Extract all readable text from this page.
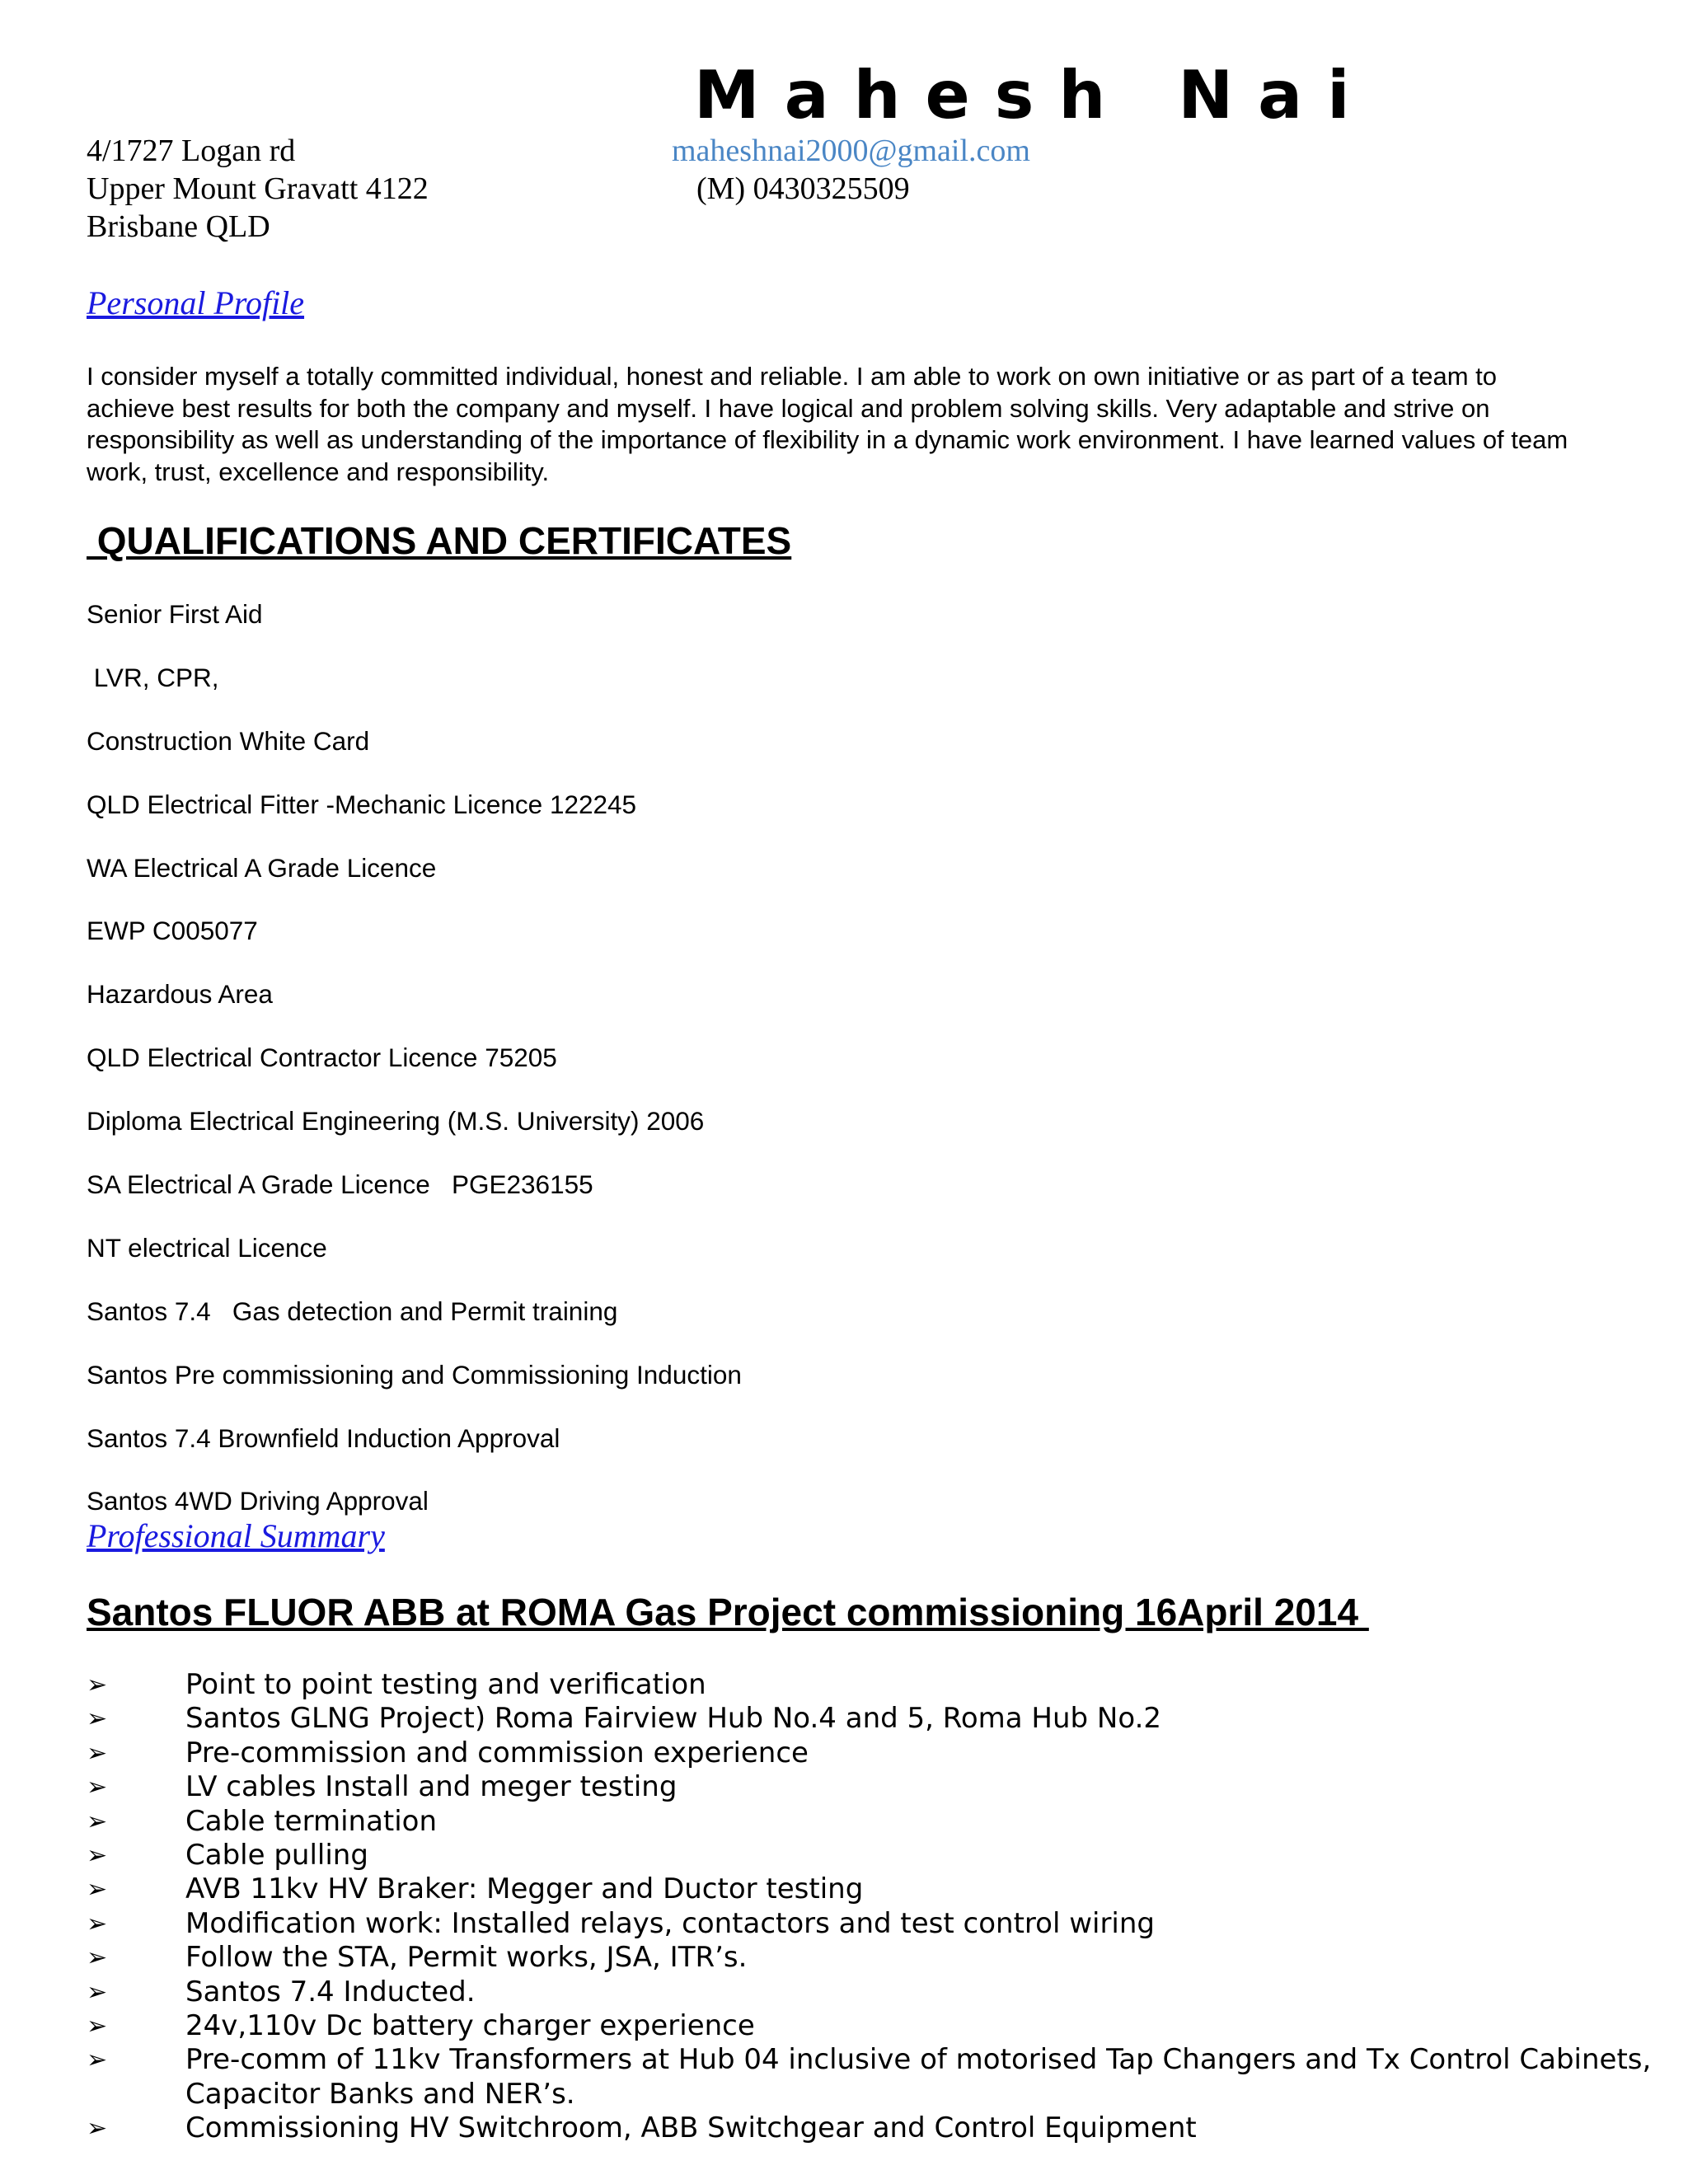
Mahesh Nai
4/1727 Logan rd
Upper Mount Gravatt 4122
Brisbane QLD
maheshnai2000@gmail.com
(M) 0430325509
Personal Profile
I consider myself a totally committed individual, honest and reliable. I am able to work on own initiative or as part of a team to achieve best results for both the company and myself. I have logical and problem solving skills. Very adaptable and strive on responsibility as well as understanding of the importance of flexibility in a dynamic work environment. I have learned values of team work, trust, excellence and responsibility.
QUALIFICATIONS AND CERTIFICATES
Senior First Aid
LVR, CPR,
Construction White Card
QLD Electrical Fitter -Mechanic Licence 122245
WA Electrical A Grade Licence
EWP C005077
Hazardous Area
QLD Electrical Contractor Licence 75205
Diploma Electrical Engineering (M.S. University) 2006
SA Electrical A Grade Licence   PGE236155
NT electrical Licence
Santos 7.4   Gas detection and Permit training
Santos Pre commissioning and Commissioning Induction
Santos 7.4 Brownfield Induction Approval
Santos 4WD Driving Approval
Professional Summary
Santos FLUOR ABB at ROMA Gas Project commissioning 16April 2014
➢	Point to point testing and verification
➢	Santos GLNG Project) Roma Fairview Hub No.4 and 5, Roma Hub No.2
➢	Pre-commission and commission experience
➢	LV cables Install and meger testing
➢	Cable termination
➢	Cable pulling
➢	AVB 11kv HV Braker: Megger and Ductor testing
➢	Modification work: Installed relays, contactors and test control wiring
➢	Follow the STA, Permit works, JSA, ITR’s.
➢	Santos 7.4 Inducted.
➢	24v,110v Dc battery charger experience
➢	Pre-comm of 11kv Transformers at Hub 04 inclusive of motorised Tap Changers and Tx Control Cabinets,
Capacitor Banks and NER’s.
➢	Commissioning HV Switchroom, ABB Switchgear and Control Equipment
